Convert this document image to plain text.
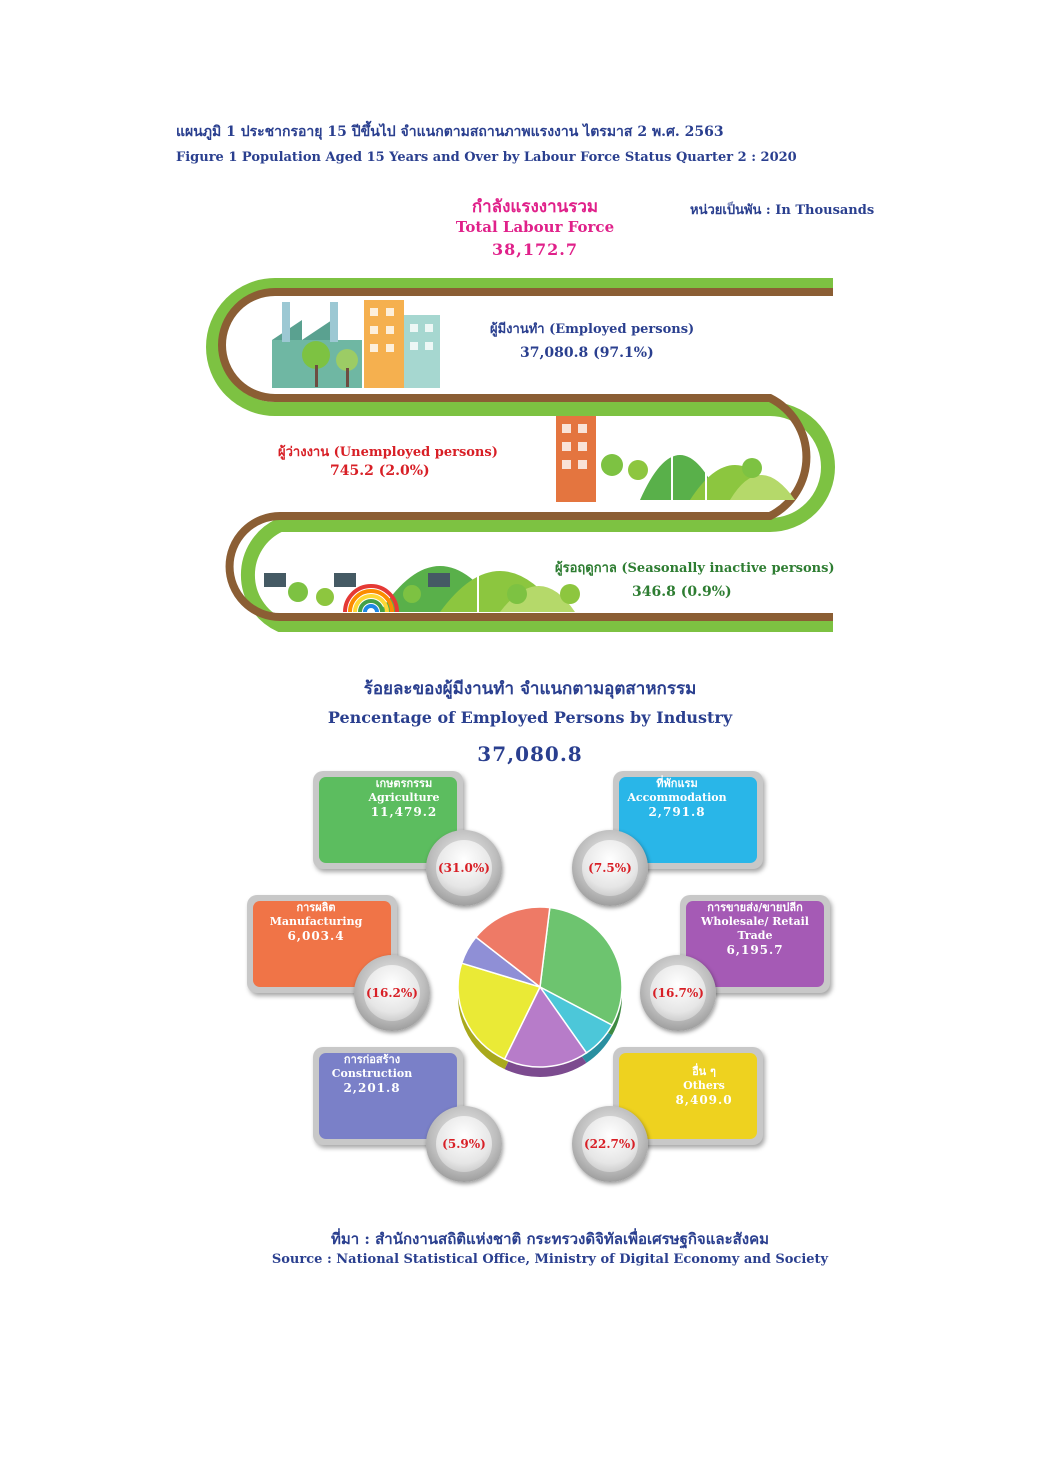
แผนภูมิ 1 ประชากรอายุ 15 ปีขึ้นไป จำแนกตามสถานภาพแรงงาน ไตรมาส 2 พ.ศ. 2563
Figure 1 Population Aged 15 Years and Over by Labour Force Status Quarter 2 : 2020
กำลังแรงงานรวม
Total Labour Force
38,172.7
หน่วยเป็นพัน : In Thousands
ผู้มีงานทำ (Employed persons)
37,080.8 (97.1%)
ผู้ว่างงาน (Unemployed persons)
745.2 (2.0%)
ผู้รอฤดูกาล (Seasonally inactive persons)
346.8 (0.9%)
ร้อยละของผู้มีงานทำ จำแนกตามอุตสาหกรรม
Pencentage of Employed Persons by Industry
37,080.8
เกษตรกรรม
Agriculture
11,479.2
(31.0%)
ที่พักแรม
Accommodation
2,791.8
(7.5%)
การผลิต
Manufacturing
6,003.4
(16.2%)
การขายส่ง/ขายปลีก
Wholesale/ Retail Trade
6,195.7
(16.7%)
การก่อสร้าง
Construction
2,201.8
(5.9%)
อื่น ๆ
Others
8,409.0
(22.7%)
ที่มา : สำนักงานสถิติแห่งชาติ กระทรวงดิจิทัลเพื่อเศรษฐกิจและสังคม
Source : National Statistical Office, Ministry of Digital Economy and Society
